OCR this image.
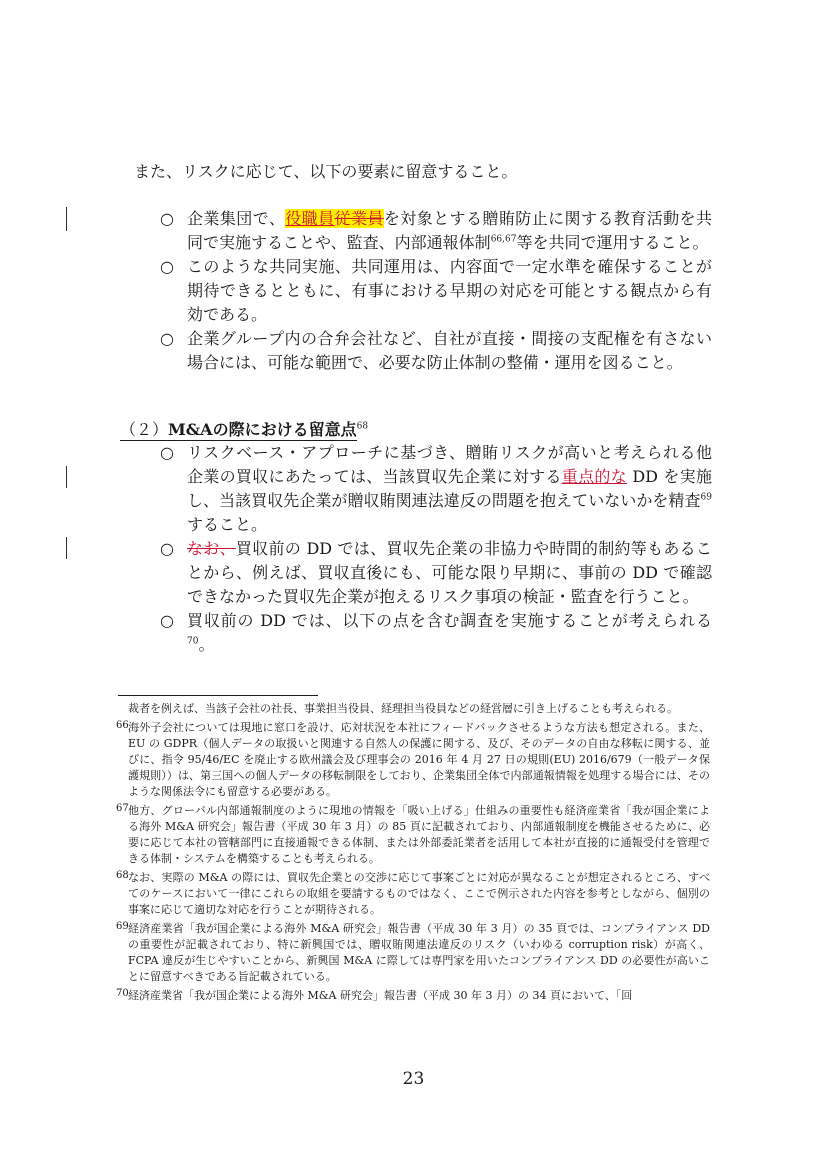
また、リスクに応じて、以下の要素に留意すること。

○ 企業集団で、役職員従業員を対象とする贈賄防止に関する教育活動を共同で実施することや、監査、内部通報体制$^{66,67}$等を共同で運用すること。

○ このような共同実施、共同運用は、内容面で一定水準を確保することが期待できるとともに、有事における早期の対応を可能とする観点から有効である。

○ 企業グループ内の合弁会社など、自社が直接・間接の支配権を有さない場合には、可能な範囲で、必要な防止体制の整備・運用を図ること。

（２）M&Aの際における留意点$^{68}$

○ リスクベース・アプローチに基づき、贈賄リスクが高いと考えられる他企業の買収にあたっては、当該買収先企業に対する重点的な DD を実施し、当該買収先企業が贈収賄関連法違反の問題を抱えていないかを精査$^{69}$すること。

○ なお、買収前の DD では、買収先企業の非協力や時間的制約等もあることから、例えば、買収直後にも、可能な限り早期に、事前の DD で確認できなかった買収先企業が抱えるリスク事項の検証・監査を行うこと。

○ 買収前の DD では、以下の点を含む調査を実施することが考えられる$^{70}$。

裁者を例えば、当該子会社の社長、事業担当役員、経理担当役員などの経営層に引き上げることも考えられる。

66 海外子会社については現地に窓口を設け、応対状況を本社にフィードバックさせるような方法も想定される。また、EU の GDPR（個人データの取扱いと関連する自然人の保護に関する、及び、そのデータの自由な移転に関する、並びに、指令 95/46/EC を廃止する欧州議会及び理事会の 2016 年 4 月 27 日の規則(EU) 2016/679（一般データ保護規則））は、第三国への個人データの移転制限をしており、企業集団全体で内部通報情報を処理する場合には、そのような関係法令にも留意する必要がある。

67 他方、グローバル内部通報制度のように現地の情報を「吸い上げる」仕組みの重要性も経済産業省「我が国企業による海外 M&A 研究会」報告書（平成 30 年 3 月）の 85 頁に記載されており、内部通報制度を機能させるために、必要に応じて本社の管轄部門に直接通報できる体制、または外部委託業者を活用して本社が直接的に通報受付を管理できる体制・システムを構築することも考えられる。

68 なお、実際の M&A の際には、買収先企業との交渉に応じて事案ごとに対応が異なることが想定されるところ、すべてのケースにおいて一律にこれらの取組を要請するものではなく、ここで例示された内容を参考としながら、個別の事案に応じて適切な対応を行うことが期待される。

69 経済産業省「我が国企業による海外 M&A 研究会」報告書（平成 30 年 3 月）の 35 頁では、コンプライアンス DD の重要性が記載されており、特に新興国では、贈収賄関連法違反のリスク（いわゆる corruption risk）が高く、FCPA 違反が生じやすいことから、新興国 M&A に際しては専門家を用いたコンプライアンス DD の必要性が高いことに留意すべきである旨記載されている。

70 経済産業省「我が国企業による海外 M&A 研究会」報告書（平成 30 年 3 月）の 34 頁において、「回

23
